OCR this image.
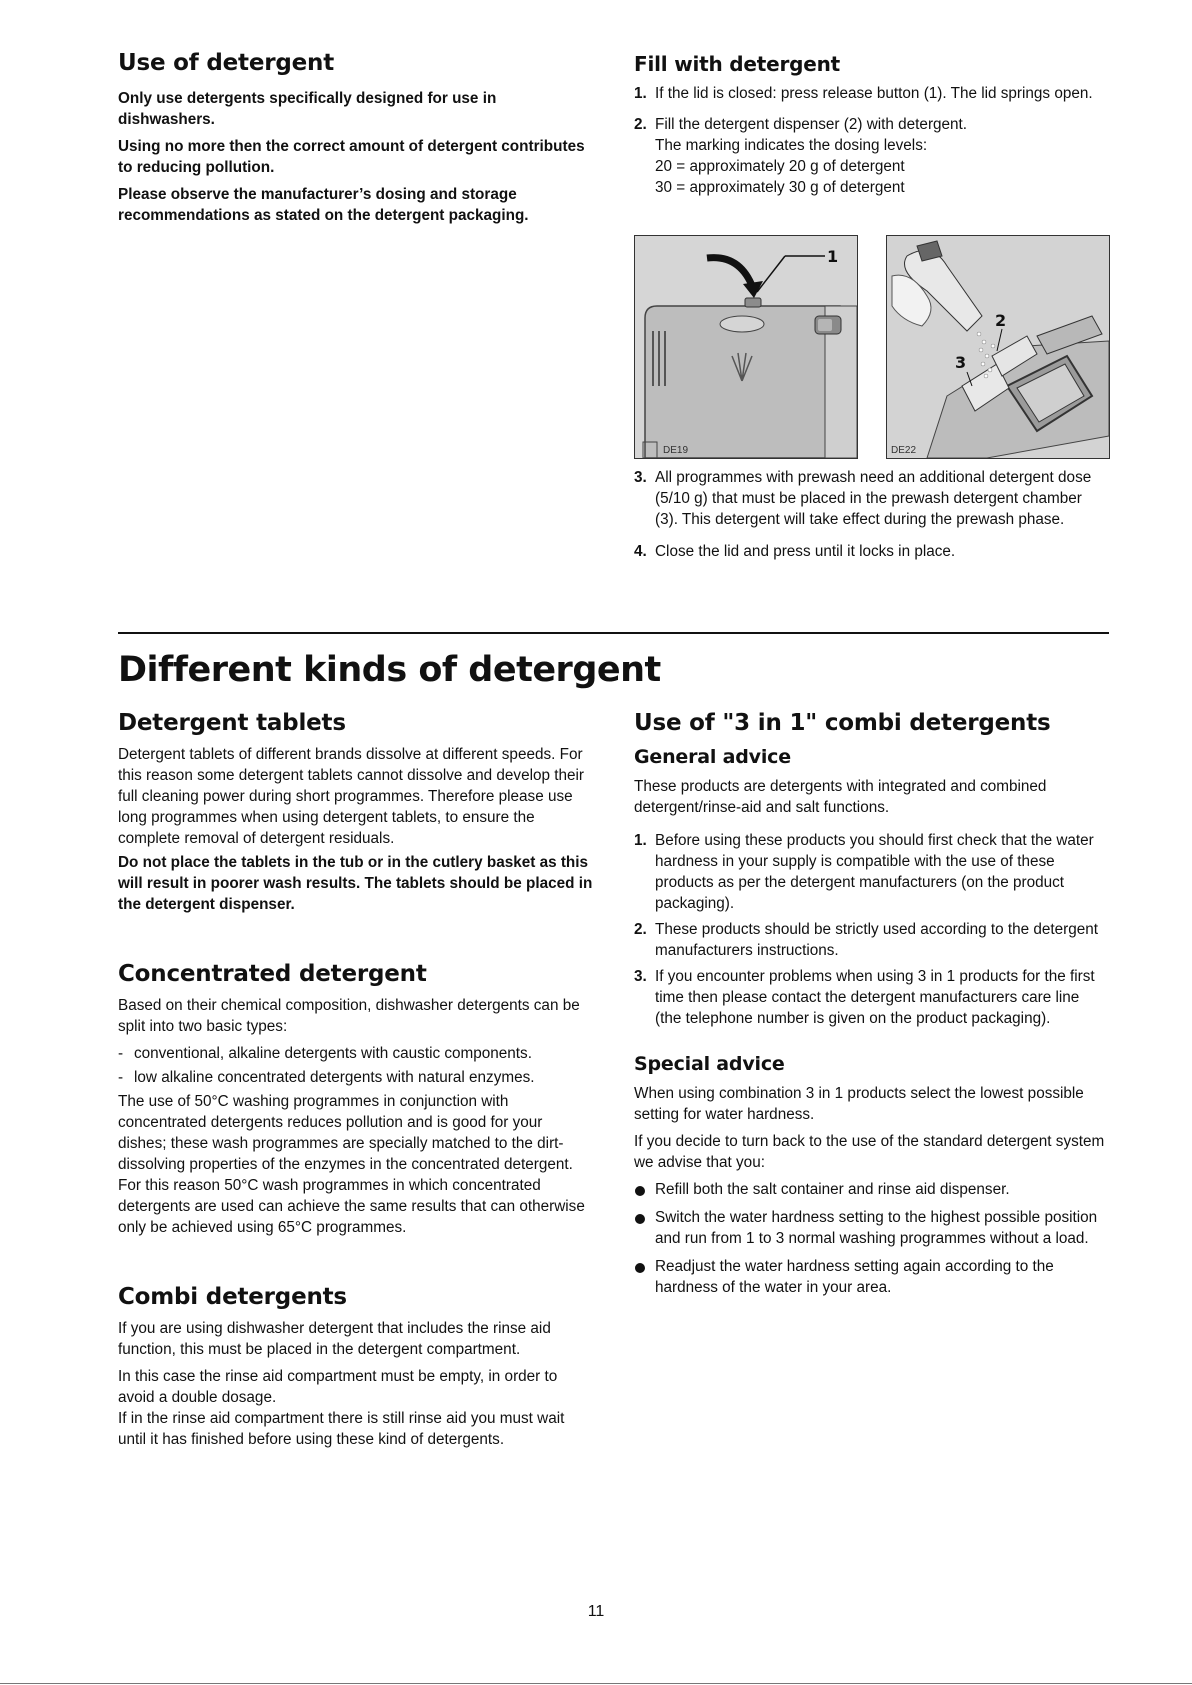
Use of detergent

Only use detergents specifically designed for use in dishwashers.

Using no more then the correct amount of detergent contributes to reducing pollution.

Please observe the manufacturer’s dosing and storage recommendations as stated on the detergent packaging.

Fill with detergent
1. If the lid is closed: press release button (1). The lid springs open.
2. Fill the detergent dispenser (2) with detergent.
The marking indicates the dosing levels:
20 = approximately 20 g of detergent
30 = approximately 30 g of detergent
1
DE19
2
3
DE22
3. All programmes with prewash need an additional detergent dose (5/10 g) that must be placed in the prewash detergent chamber (3). This detergent will take effect during the prewash phase.
4. Close the lid and press until it locks in place.
Different kinds of detergent
Detergent tablets

Detergent tablets of different brands dissolve at different speeds. For this reason some detergent tablets cannot dissolve and develop their full cleaning power during short programmes. Therefore please use long programmes when using detergent tablets, to ensure the complete removal of detergent residuals.

Do not place the tablets in the tub or in the cutlery basket as this will result in poorer wash results. The tablets should be placed in the detergent dispenser.

Concentrated detergent

Based on their chemical composition, dishwasher detergents can be split into two basic types:

- conventional, alkaline detergents with caustic components.
- low alkaline concentrated detergents with natural enzymes.

The use of 50°C washing programmes in conjunction with concentrated detergents reduces pollution and is good for your dishes; these wash programmes are specially matched to the dirt-dissolving properties of the enzymes in the concentrated detergent. For this reason 50°C wash programmes in which concentrated detergents are used can achieve the same results that can otherwise only be achieved using 65°C programmes.

Combi detergents

If you are using dishwasher detergent that includes the rinse aid function, this must be placed in the detergent compartment.

In this case the rinse aid compartment must be empty, in order to avoid a double dosage.

If in the rinse aid compartment there is still rinse aid you must wait until it has finished before using these kind of detergents.

Use of "3 in 1" combi detergents
General advice

These products are detergents with integrated and combined detergent/rinse-aid and salt functions.

1. Before using these products you should first check that the water hardness in your supply is compatible with the use of these products as per the detergent manufacturers (on the product packaging).
2. These products should be strictly used according to the detergent manufacturers instructions.
3. If you encounter problems when using 3 in 1 products for the first time then please contact the detergent manufacturers care line (the telephone number is given on the product packaging).
Special advice

When using combination 3 in 1 products select the lowest possible setting for water hardness.

If you decide to turn back to the use of the standard detergent system we advise that you:

Refill both the salt container and rinse aid dispenser.
Switch the water hardness setting to the highest possible position and run from 1 to 3 normal washing programmes without a load.
Readjust the water hardness setting again according to the hardness of the water in your area.
11
